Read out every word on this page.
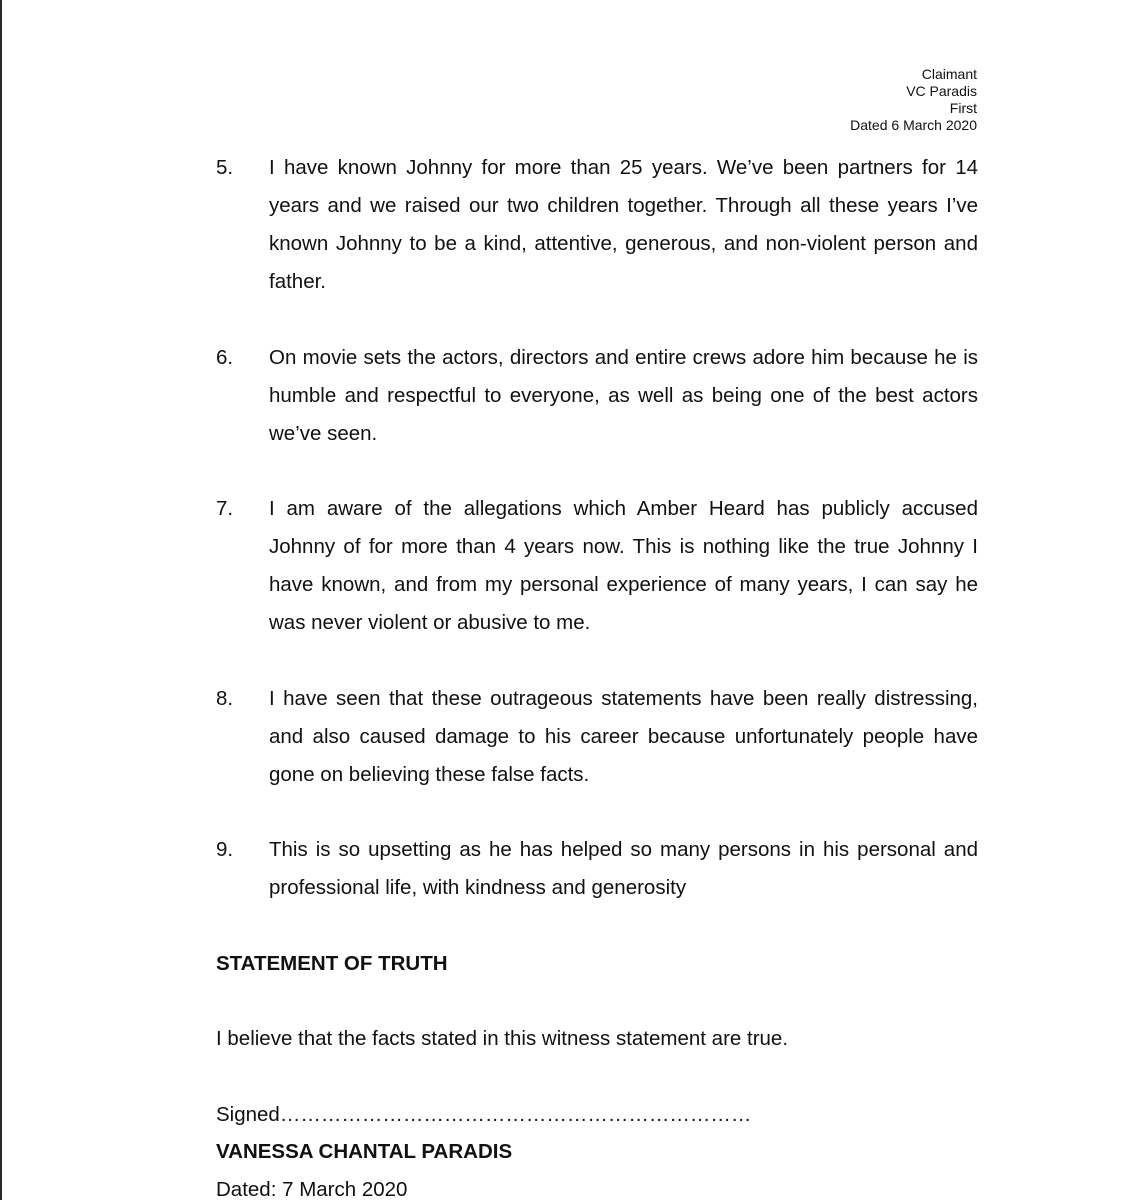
Claimant
VC Paradis
First
Dated 6 March 2020
5. I have known Johnny for more than 25 years. We’ve been partners for 14 years and we raised our two children together. Through all these years I’ve known Johnny to be a kind, attentive, generous, and non-violent person and father.
6. On movie sets the actors, directors and entire crews adore him because he is humble and respectful to everyone, as well as being one of the best actors we’ve seen.
7. I am aware of the allegations which Amber Heard has publicly accused Johnny of for more than 4 years now. This is nothing like the true Johnny I have known, and from my personal experience of many years, I can say he was never violent or abusive to me.
8. I have seen that these outrageous statements have been really distressing, and also caused damage to his career because unfortunately people have gone on believing these false facts.
9. This is so upsetting as he has helped so many persons in his personal and professional life, with kindness and generosity
STATEMENT OF TRUTH
I believe that the facts stated in this witness statement are true.
Signed……………………………………………………………
VANESSA CHANTAL PARADIS
Dated: 7 March 2020
